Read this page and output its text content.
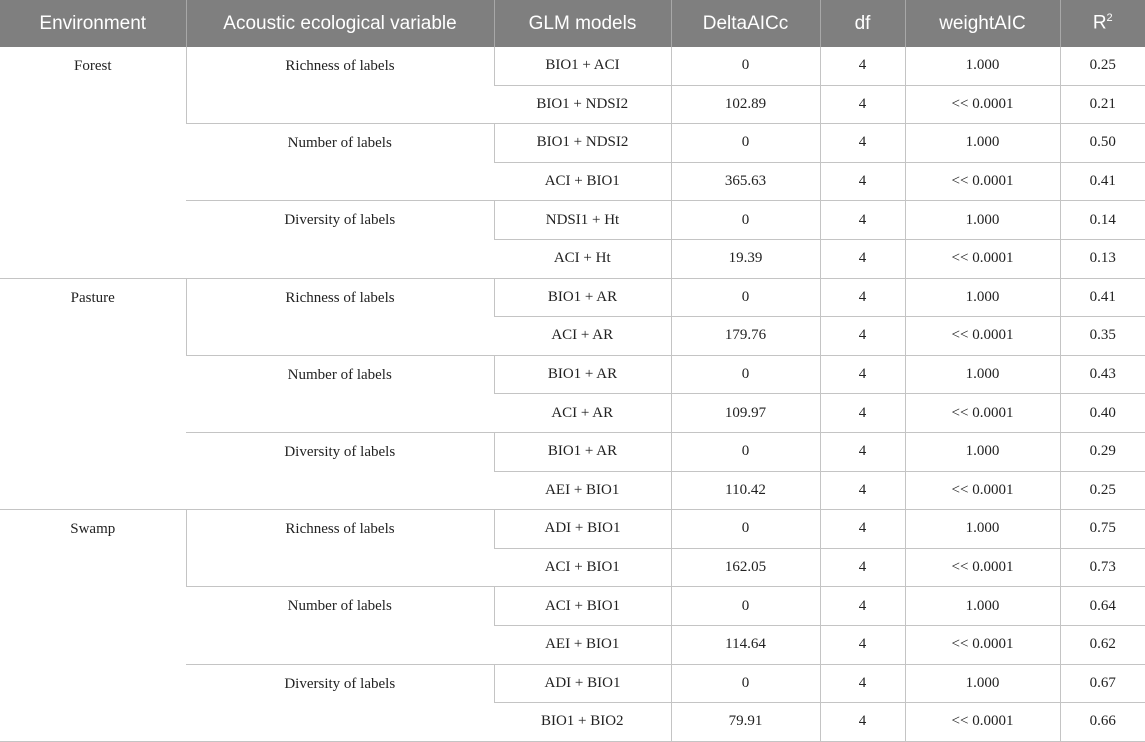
Environment	Acoustic ecological variable	GLM models	DeltaAICc	df	weightAIC	$R^2$
Forest	Richness of labels	BIO1 + ACI	0	4	1.000	0.25
		BIO1 + NDSI2	102.89	4	<< 0.0001	0.21
	Number of labels	BIO1 + NDSI2	0	4	1.000	0.50
		ACI + BIO1	365.63	4	<< 0.0001	0.41
	Diversity of labels	NDSI1 + Ht	0	4	1.000	0.14
		ACI + Ht	19.39	4	<< 0.0001	0.13
Pasture	Richness of labels	BIO1 + AR	0	4	1.000	0.41
		ACI + AR	179.76	4	<< 0.0001	0.35
	Number of labels	BIO1 + AR	0	4	1.000	0.43
		ACI + AR	109.97	4	<< 0.0001	0.40
	Diversity of labels	BIO1 + AR	0	4	1.000	0.29
		AEI + BIO1	110.42	4	<< 0.0001	0.25
Swamp	Richness of labels	ADI + BIO1	0	4	1.000	0.75
		ACI + BIO1	162.05	4	<< 0.0001	0.73
	Number of labels	ACI + BIO1	0	4	1.000	0.64
		AEI + BIO1	114.64	4	<< 0.0001	0.62
	Diversity of labels	ADI + BIO1	0	4	1.000	0.67
		BIO1 + BIO2	79.91	4	<< 0.0001	0.66
